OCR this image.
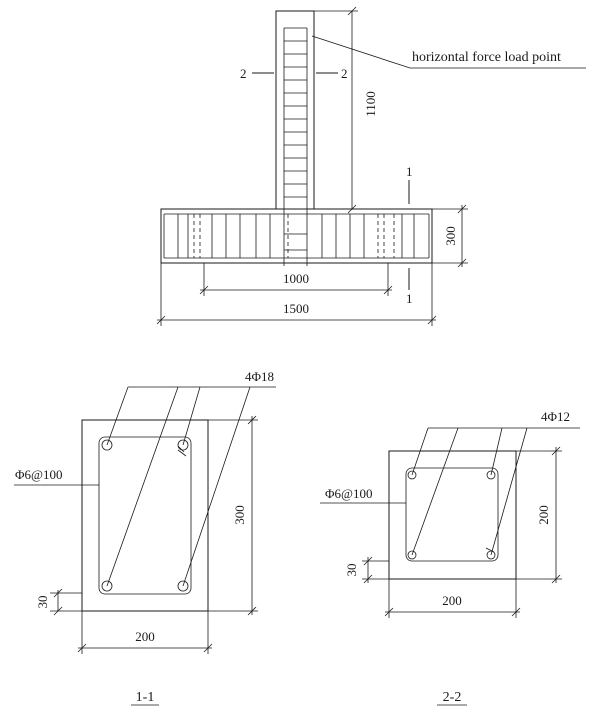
horizontal force load point
1100
300
2	2
1
1
1000
1500
4Φ18
Φ6@100
30
300
200
1-1
4Φ12
Φ6@100
30
200
200
2-2
